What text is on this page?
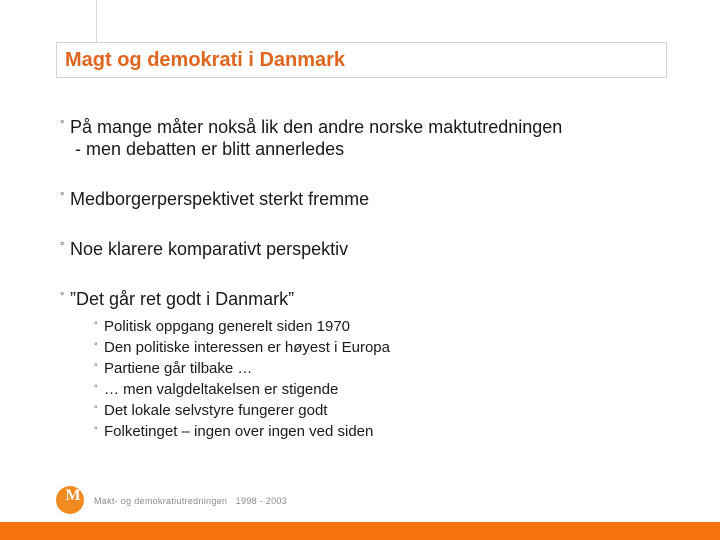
Magt og demokrati i Danmark
° På mange måter nokså lik den andre norske maktutredningen
- men debatten er blitt annerledes
° Medborgerperspektivet sterkt fremme
° Noe klarere komparativt perspektiv
° ”Det går ret godt i Danmark”
° Politisk oppgang generelt siden 1970
° Den politiske interessen er høyest i Europa
° Partiene går tilbake …
° … men valgdeltakelsen er stigende
° Det lokale selvstyre fungerer godt
° Folketinget – ingen over ingen ved siden
M Makt- og demokratiutredningen   1998 - 2003
